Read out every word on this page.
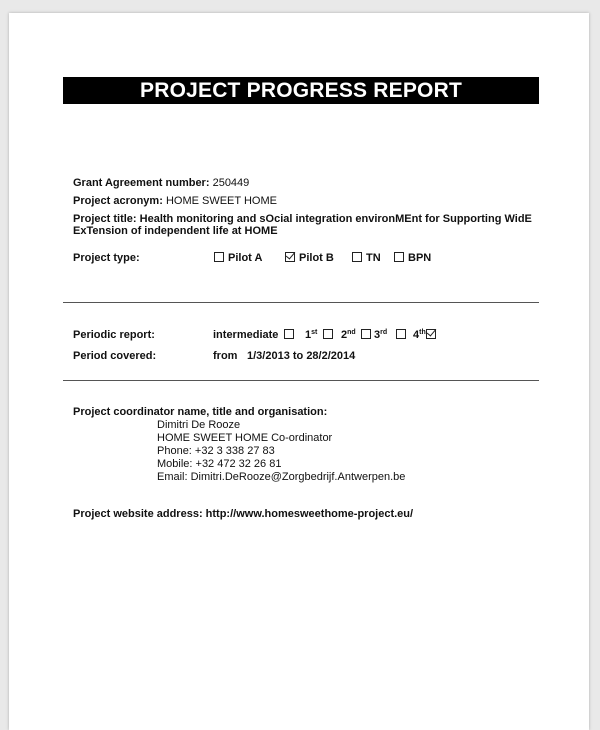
PROJECT PROGRESS REPORT
Grant Agreement number: 250449
Project acronym: HOME SWEET HOME
Project title: Health monitoring and sOcial integration environMEnt for Supporting WidE
ExTension of independent life at HOME
Project type:	Pilot A	Pilot B	TN	BPN
Periodic report:	intermediate	1st	2nd	3rd	4th
Period covered:	from 1/3/2013 to 28/2/2014
Project coordinator name, title and organisation:
Dimitri De Rooze
HOME SWEET HOME Co-ordinator
Phone: +32 3 338 27 83
Mobile: +32 472 32 26 81
Email: Dimitri.DeRooze@Zorgbedrijf.Antwerpen.be
Project website address: http://www.homesweethome-project.eu/
